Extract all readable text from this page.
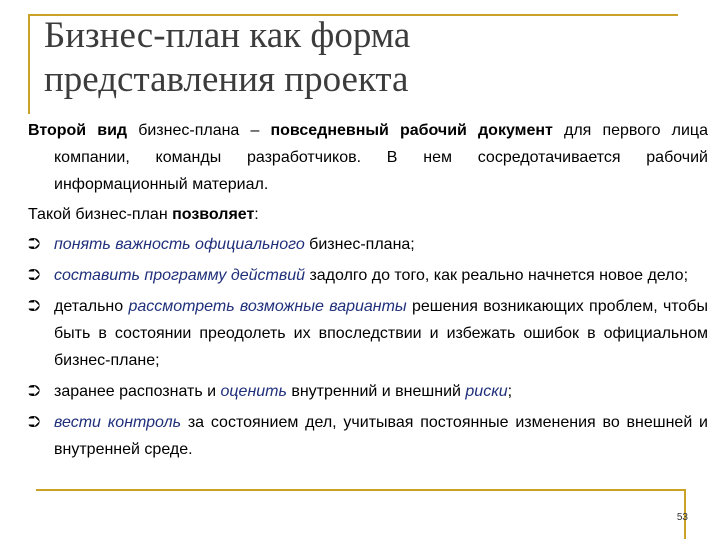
Бизнес-план как форма
представления проекта
Второй вид бизнес-плана – повседневный рабочий документ для первого лица компании, команды разработчиков. В нем сосредотачивается рабочий информационный материал.
Такой бизнес-план позволяет:
⮊ понять важность официального бизнес-плана;
⮊ составить программу действий задолго до того, как реально начнется новое дело;
⮊ детально рассмотреть возможные варианты решения возникающих проблем, чтобы быть в состоянии преодолеть их впоследствии и избежать ошибок в официальном бизнес-плане;
⮊ заранее распознать и оценить внутренний и внешний риски;
⮊ вести контроль за состоянием дел, учитывая постоянные изменения во внешней и внутренней среде.
53
